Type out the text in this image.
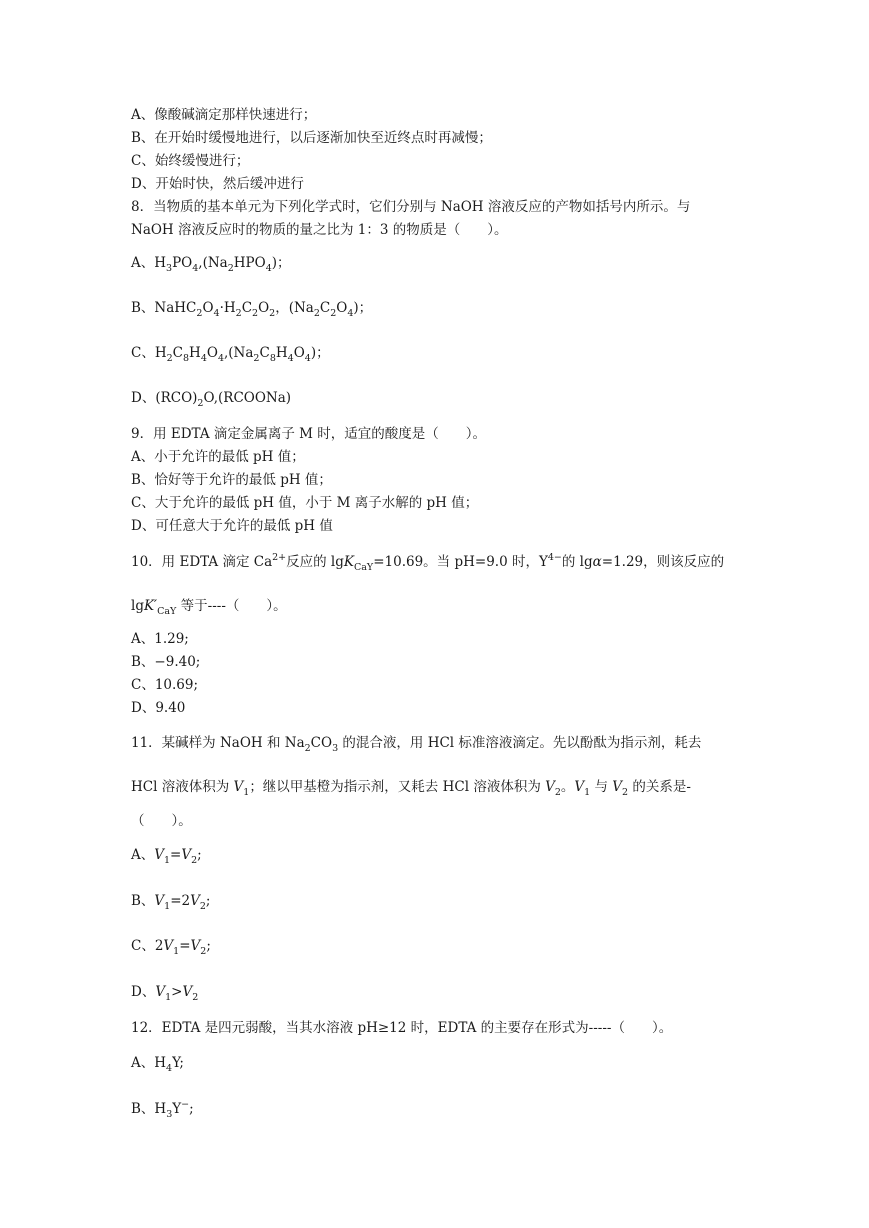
A、像酸碱滴定那样快速进行；
B、在开始时缓慢地进行，以后逐渐加快至近终点时再减慢；
C、始终缓慢进行；
D、开始时快，然后缓冲进行
8．当物质的基本单元为下列化学式时，它们分别与 NaOH 溶液反应的产物如括号内所示。与
NaOH 溶液反应时的物质的量之比为 1：3 的物质是（　　）。
A、$H_3PO_4,(Na_2HPO_4)$；
B、$NaHC_2O_4\cdot H_2C_2O_2$，$(Na_2C_2O_4)$；
C、$H_2C_8H_4O_4,(Na_2C_8H_4O_4)$；
D、$(RCO)_2O,(RCOONa)$
9．用 EDTA 滴定金属离子 M 时，适宜的酸度是（　　）。
A、小于允许的最低 pH 值；
B、恰好等于允许的最低 pH 值；
C、大于允许的最低 pH 值，小于 M 离子水解的 pH 值；
D、可任意大于允许的最低 pH 值
10．用 EDTA 滴定 $Ca^{2+}$反应的 lgK$_{CaY}$=10.69。当 pH=9.0 时，$Y^{4-}$的 lgα=1.29，则该反应的
$\lg K'_{CaY}$ 等于----（　　）。
A、1.29;
B、−9.40;
C、10.69;
D、9.40
11．某碱样为 NaOH 和 $Na_2CO_3$ 的混合液，用 HCl 标准溶液滴定。先以酚酞为指示剂，耗去
HCl 溶液体积为 $V_1$；继以甲基橙为指示剂，又耗去 HCl 溶液体积为 $V_2$。$V_1$ 与 $V_2$ 的关系是-
（　　）。
A、$V_1=V_2$;
B、$V_1=2V_2$;
C、$2V_1=V_2$;
D、$V_1>V_2$
12．EDTA 是四元弱酸，当其水溶液 pH≥12 时，EDTA 的主要存在形式为-----（　　）。
A、$H_4Y$;
B、$H_3Y^-$;
